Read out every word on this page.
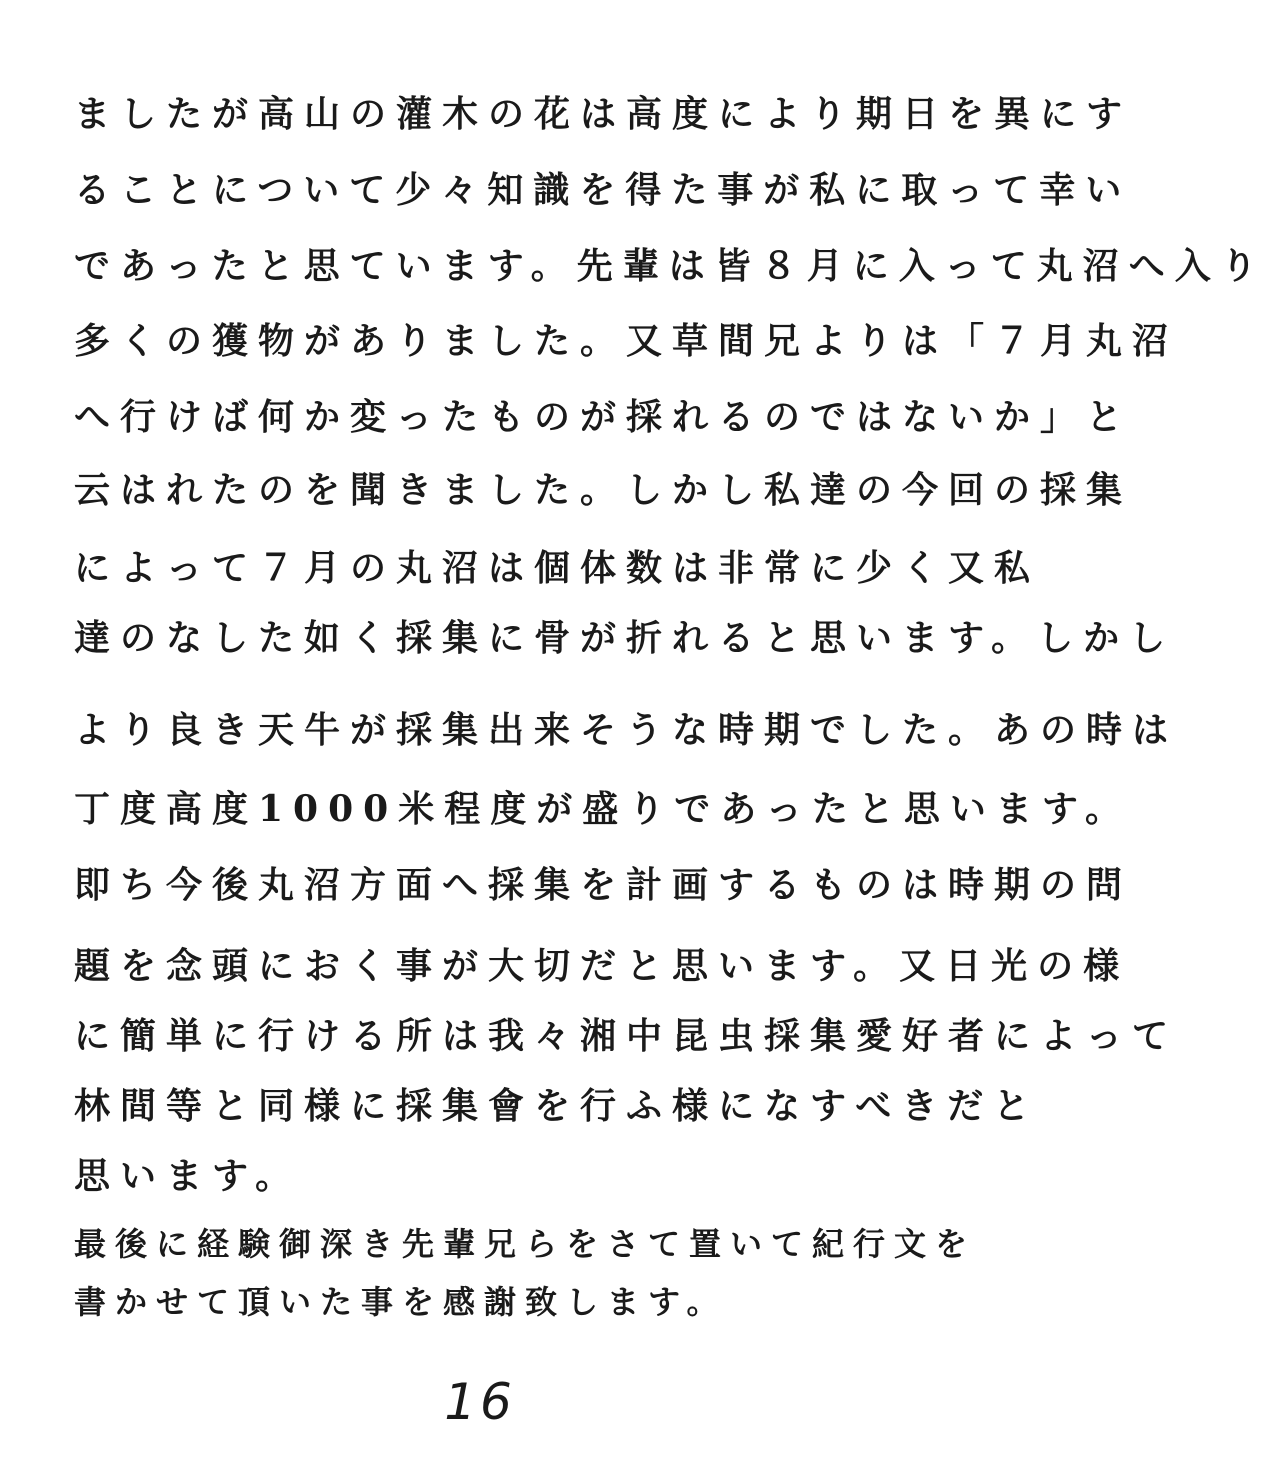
ましたが高山の灌木の花は高度により期日を異にす
ることについて少々知識を得た事が私に取って幸い
であったと思ています。先輩は皆８月に入って丸沼へ入り
多くの獲物がありました。又草間兄よりは「７月丸沼
へ行けば何か変ったものが採れるのではないか」と
云はれたのを聞きました。しかし私達の今回の採集
によって７月の丸沼は個体数は非常に少く又私
達のなした如く採集に骨が折れると思います。しかし
より良き天牛が採集出来そうな時期でした。あの時は
丁度高度1000米程度が盛りであったと思います。
即ち今後丸沼方面へ採集を計画するものは時期の問
題を念頭におく事が大切だと思います。又日光の様
に簡単に行ける所は我々湘中昆虫採集愛好者によって
林間等と同様に採集會を行ふ様になすべきだと
思います。
最後に経験御深き先輩兄らをさて置いて紀行文を
書かせて頂いた事を感謝致します。
16
